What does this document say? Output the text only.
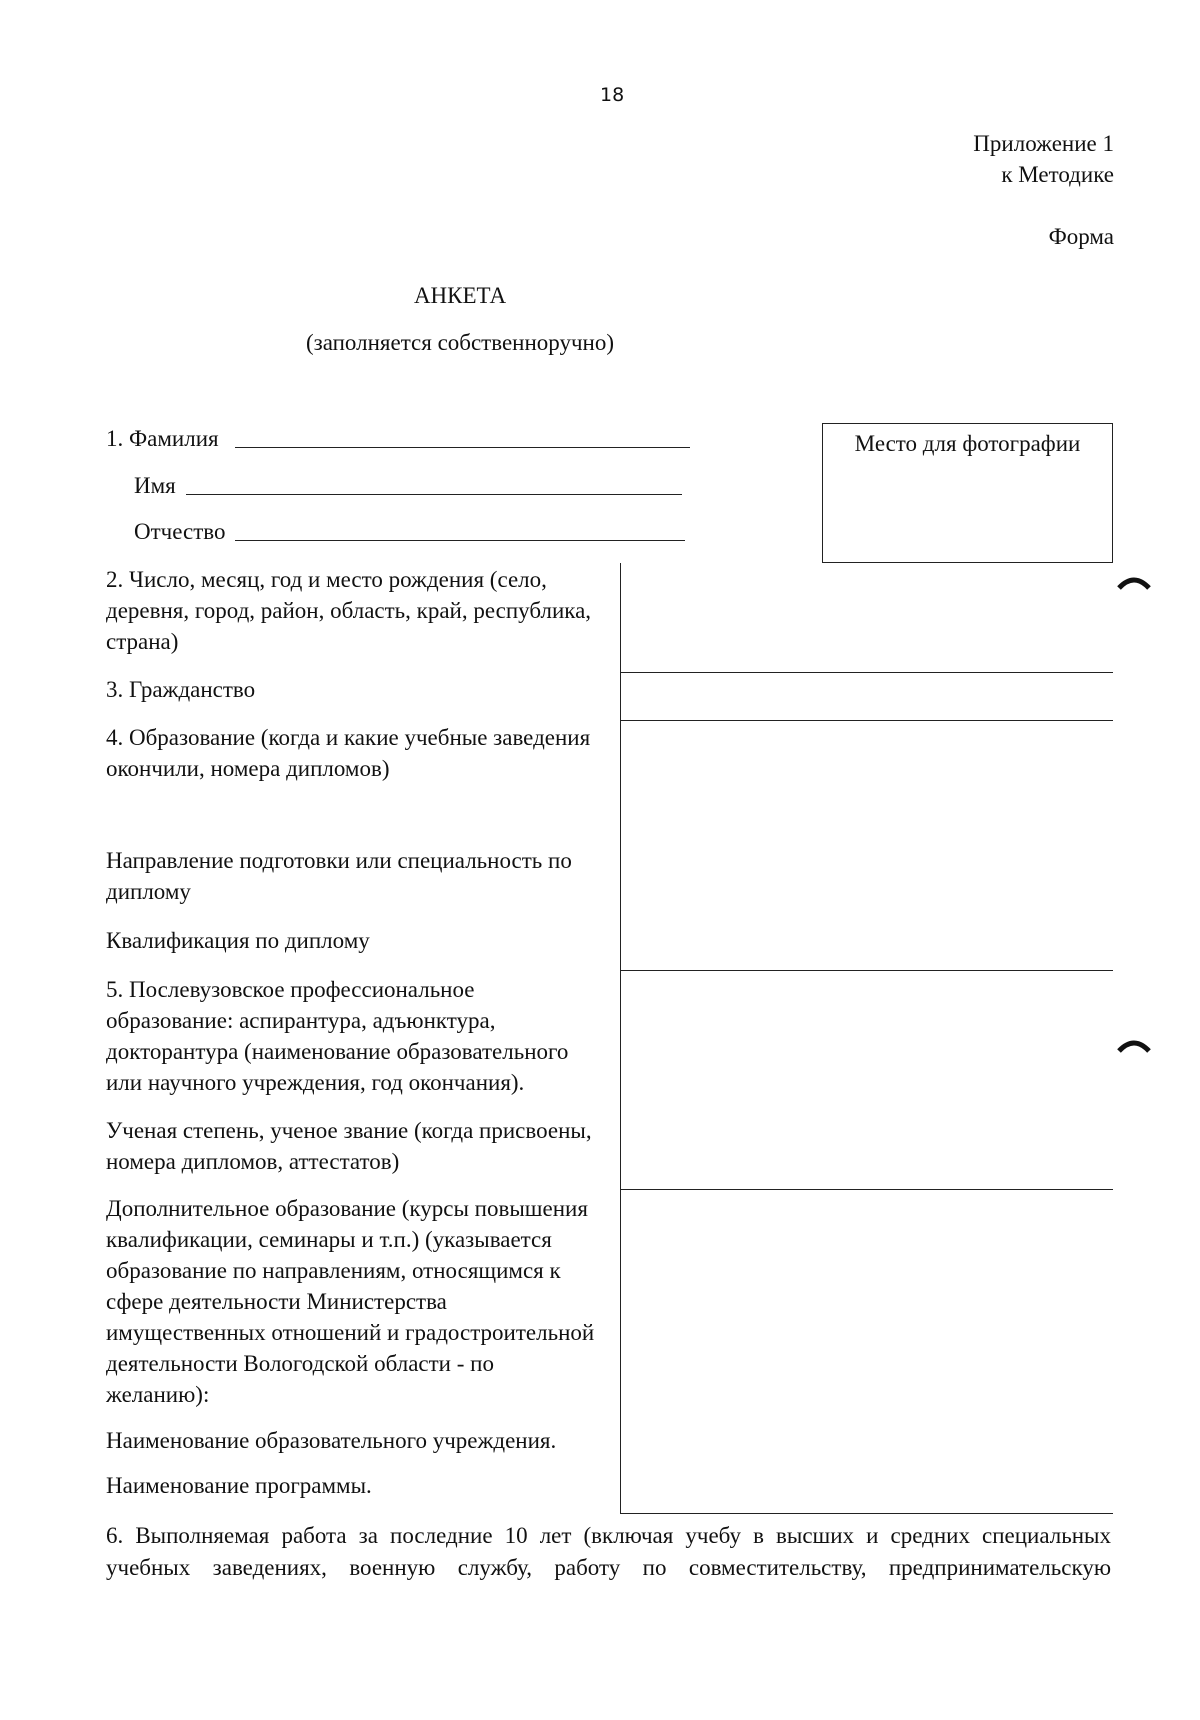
18
Приложение 1
к Методике
Форма
АНКЕТА
(заполняется собственноручно)
1. Фамилия
Имя
Отчество
Место для фотографии

2. Число, месяц, год и место рождения (село,

деревня, город, район, область, край, республика,

страна)

3. Гражданство

4. Образование (когда и какие учебные заведения

окончили, номера дипломов)

Направление подготовки или специальность по

диплому

Квалификация по диплому

5. Послевузовское профессиональное

образование: аспирантура, адъюнктура,

докторантура (наименование образовательного

или научного учреждения, год окончания).

Ученая степень, ученое звание (когда присвоены,

номера дипломов, аттестатов)

Дополнительное образование (курсы повышения

квалификации, семинары и т.п.) (указывается

образование по направлениям, относящимся к

сфере деятельности Министерства

имущественных отношений и градостроительной

деятельности Вологодской области - по

желанию):

Наименование образовательного учреждения.
Наименование программы.
6. Выполняемая работа за последние 10 лет (включая учебу в высших и средних специальных
учебных заведениях, военную службу, работу по совместительству, предпринимательскую
